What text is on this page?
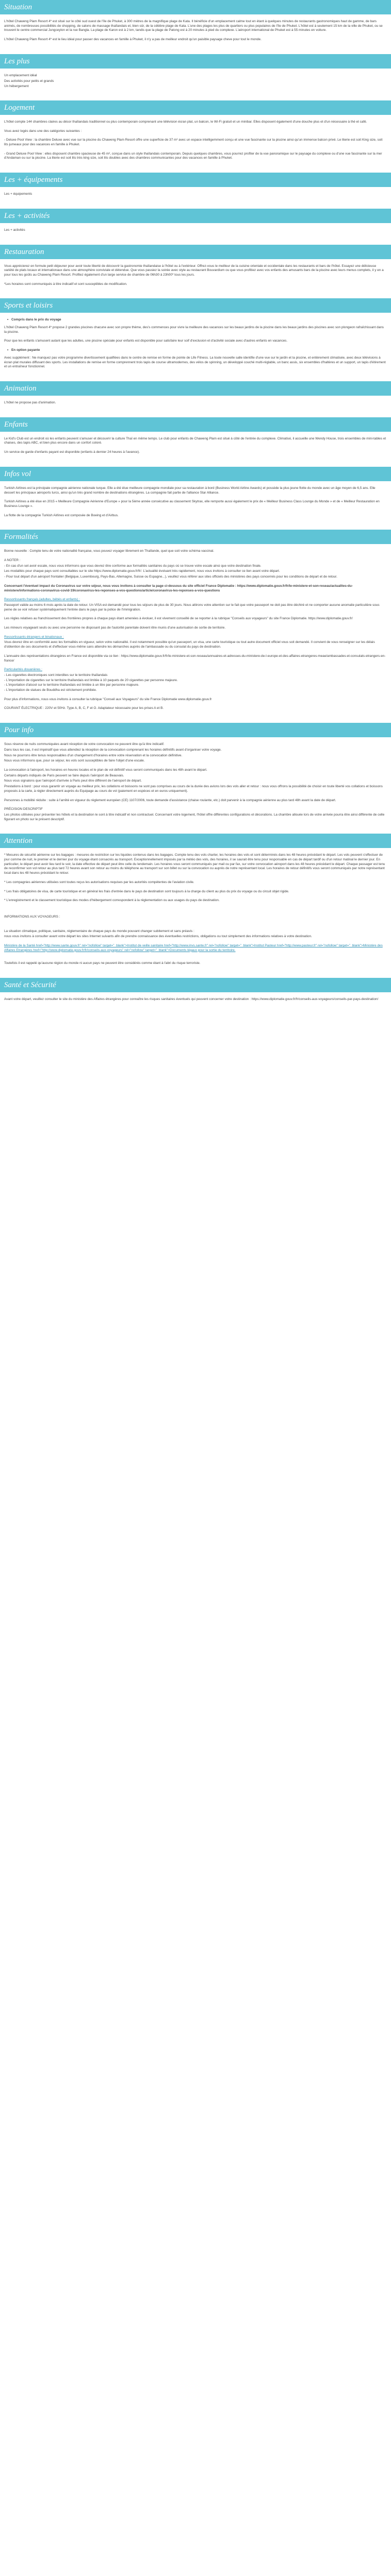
Situation

L'hôtel Chaweng Plam Resort 4* est situé sur le côté sud ouest de l'île de Phuket, à 300 mètres de la magnifique plage de Kata. Il bénéficie d'un emplacement calme tout en étant à quelques minutes de restaurants gastronomiques haut de gamme, de bars animés, de nombreuses possibilités de shopping, de salons de massage thaïlandais et, bien sûr, de la célèbre plage de Kata. L'une des plages les plus de quartiers ou plus populaires de l'île de Phuket. L'hôtel est à seulement 15 km de la ville de Phuket, ou se trouvent le centre commercial Jungceylon et la rue Bangla. La plage de Karon est à 2 km, tandis que la plage de Patong est à 20 minutes à pied du complexe. L'aéroport international de Phuket est à 55 minutes en voiture.

L'hôtel Chaweng Plam Resort 4* est le lieu idéal pour passer des vacances en famille à Phuket, il n'y a pas de meilleur endroit qu'un paisible paysage cheve pour tout le monde.

Les plus
Un emplacement idéal
Des activités pour petits et grands
Un hébergement
Logement

L'hôtel compte 144 chambres claires au décor thaïlandais traditionnel ou plus contemporain comprenant une télévision écran plat, un balcon, le Wi-Fi gratuit et un minibar. Elles disposent également d'une douche plus et d'un nécessaire à thé et café.

Vous avez logés dans une des catégories suivantes :

- Deluxe Pool View : la chambre Deluxe avec vue sur la piscine du Chaweng Plam Resort offre une superficie de 37 m² avec un espace intelligemment conçu et une vue fascinante sur la piscine ainsi qu'un immense balcon privé. Le literie est soit King size, soit lits jumeaux pour des vacances en famille à Phuket.

- Grand Deluxe Pool View : elles disposent chambre spacieuse de 45 m², conçue dans un style thaïlandais contemporain. Depuis quelques chambres, vous pourrez profiter de la vue panoramique sur le paysage du complexe ou d'une vue fascinante sur la mer d'Andaman ou sur la piscine. La literie est soit lits très king size, soit lits doubles avec des chambres communicantes pour des vacances en famille à Phuket.

Les + équipements

Les + équipements

Les + activités

Les + activités

Restauration

Vous apprécierez en formule petit déjeuner pour avoir toute liberté de découvrir la gastronomie thaïlandaise à l'hôtel ou à l'extérieur. Offrez-vous le meilleur de la cuisine orientale et occidentale dans les restaurants et bars de l'hôtel. Essayez une délicieuse variété de plats locaux et internationaux dans une atmosphère conviviale et détendue. Que vous passiez la soirée avec style au restaurant Bouvardium ou que vous profitiez avec vos enfants des amusants bars de la piscine avec leurs menus complets, il y en a pour tous les goûts au Chaweng Plam Resort. Profitez également d'un large service de chambre de 06h30 à 23h00* tous les jours.

*Les horaires sont communiqués à titre indicatif et sont susceptibles de modification.

Sports et loisirs
• Compris dans le prix du voyage

L'hôtel Chaweng Plam Resort 4* propose 2 grandes piscines chacune avec son propre thème, des's commences pour vivre la meilleure des vacances sur les beaux jardins de la piscine dans les beaux jardins des piscines avec son plongeon rafraîchissant dans la piscine.

Pour que les enfants s'amusent autant que les adultes, une piscine spéciale pour enfants est disponible pour satisfaire leur soif d'exclusion et d'activité sociale avec d'autres enfants en vacances.

• En option payante

Avec supplément : Ne manquez pas votre programme divertissement qualifiées dans le centre de remise en forme de pointe de Life Fitness. La toute nouvelle salle identifie d'une vue sur le jardin et la piscine, et entièrement climatisée, avec deux télévisions à écran plat murales diffusant des sports. Les installations de remise en forme comprennent trois tapis de course ultramodernes, des vélos de spinning, un développé couché multi-réglable, un banc assis, six ensembles d'haltères et un support, un tapis d'étirement et un entraîneur fonctionnel.

Animation

L'hôtel ne propose pas d'animation.

Enfants

Le Kid's Club est un endroit où les enfants peuvent s'amuser et découvrir la culture Thaï en même temps. Le club pour enfants de Chaweng Plam est situé à côté de l'entrée du complexe. Climatisé, il accueille une Wendy House, trois ensembles de mini-tables et chaises, des tapis ABC, et bien plus encore dans un confort coloré.

Un service de garde d'enfants payant est disponible (enfants à dernier 24 heures à l'avance).

Infos vol

Turkish Airlines est la principale compagnie aérienne nationale turque. Elle a été élue meilleure compagnie mondiale pour sa restauration à bord (Business World Airline Awards) et possède la plus jeune flotte du monde avec un âge moyen de 6,5 ans. Elle dessert les principaux aéroports turcs, ainsi qu'un très grand nombre de destinations étrangères. La compagnie fait partie de l'alliance Star Alliance.

Turkish Airlines a été élue en 2015 « Meilleure Compagnie Aérienne d'Europe » pour la 5ème année consécutive au classement Skytrax, elle remporte aussi également le prix de « Meilleur Business Class Lounge du Monde » et de « Meilleur Restauration en Business Lounge ».

La flotte de la compagnie Turkish Airlines est composée de Boeing et d'Airbus.

Formalités

Bonne nouvelle : Compte tenu de votre nationalité française, vous pouvez voyager librement en Thaïlande, quel que soit votre schéma vaccinal.

A NOTER :

- En cas d'un set avoir escale, nous vous informons que vous devrez être conforme aux formalités sanitaires du pays où se trouve votre escale ainsi que votre destination finale.

Les modalités pour chaque pays sont consultables sur le site https://www.diplomatie.gouv.fr/fr/. L'actualité évoluant très rapidement, nous vous invitons à consulter ce lien avant votre départ.

- Pour tout départ d'un aéroport frontalier (Belgique, Luxembourg, Pays-Bas, Allemagne, Suisse ou Espagne...), veuillez vous référer aux sites officiels des ministères des pays concernés pour les conditions de départ et de retour.

Concernant l'éventuel impact du Coronavirus sur votre séjour, nous vous invitons à consulter la page ci-dessous du site officiel France Diplomatie : https://www.diplomatie.gouv.fr/fr/le-ministere-et-son-reseau/actualites-du-ministere/informations-coronavirus-covid-19/coronavirus-les-reponses-a-vos-questions/article/coronavirus-les-reponses-a-vos-questions

Ressortissants français (adultes, bébés et enfants) :

Passeport valide au moins 6 mois après la date de retour. Un VISA est demandé pour tous les séjours de plus de 30 jours. Nous attirons votre attention sur le fait que votre passeport ne doit pas être déchiré et ne comporter aucune anomalie particulière sous peine de se voir refuser systématiquement l'entrée dans le pays par la police de l'immigration.

Les règles relatives au franchissement des frontières propres à chaque pays étant amenées à évoluer, il est vivement conseillé de se reporter à la rubrique "Conseils aux voyageurs" du site France Diplomatie. https://www.diplomatie.gouv.fr/

Les mineurs voyageant seuls ou avec une personne ne disposant pas de l'autorité parentale doivent être munis d'une autorisation de sortie de territoire.

Ressortissants étrangers et binationaux :

Vous devrez être en conformité avec les formalités en vigueur, selon votre nationalité. Il est notamment possible qu'un passeport, un visa, une carte touristique ou tout autre document officiel vous soit demandé. Il convient de vous renseigner sur les délais d'obtention de ces documents et d'effectuer vous-même sans attendre les démarches auprès de l'ambassade ou du consulat du pays de destination.

L'annuaire des représentations étrangères en France est disponible via ce lien : https://www.diplomatie.gouv.fr/fr/le-ministere-et-son-reseau/annuaires-et-adresses-du-ministere-de-l-europe-et-des-affaires-etrangeres-meae/ambassades-et-consulats-etrangers-en-france/

Particularités douanières :

- Les cigarettes électroniques sont interdites sur le territoire thaïlandais

- L'importation de cigarettes sur le territoire thaïlandais est limitée à 10 paquets de 20 cigarettes par personne majeure.

- L'importation d'alcool sur le territoire thaïlandais est limitée à un litre par personne majeure.

- L'importation de statues de Bouddha est strictement prohibée.

Pour plus d'informations, nous vous invitons à consulter la rubrique "Conseil aux Voyageurs" du site France Diplomatie www.diplomatie.gouv.fr

COURANT ÉLECTRIQUE : 220V et 50Hz. Type A, B, C, F et O. Adaptateur nécessaire pour les prises A et B.

Pour info

Sous réserve de nuits communiquées avant réception de votre convocation ne peuvent être qu'à titre indicatif.

Dans tous les cas, il est impératif que vous attendiez la réception de la convocation comprenant les horaires définitifs avant d'organiser votre voyage.

Nous ne pourrons être tenus responsables d'un changement d'horaires entre votre réservation et la convocation définitive.

Nous vous informons que, pour ce séjour, les vols sont susceptibles de faire l'objet d'une escale.

La convocation à l'aéroport, les horaires en heures locales et le plan de vol définitif vous seront communiqués dans les 48h avant le départ.

Certains départs indiqués de Paris peuvent se faire depuis l'aéroport de Beauvais.

Nous vous signalons que l'aéroport d'arrivée à Paris peut être différent de l'aéroport de départ.

Prestations à bord : pour vous garantir un voyage au meilleur prix, les collations et boissons ne sont pas comprises au cours de la durée des avions lors des vols aller et retour : nous vous offrons la possibilité de choisir en toute liberté vos collations et boissons proposés à la carte, à régler directement auprès du Equipage au cours de vol (paiement en espèces et en euros uniquement).

Personnes à mobilité réduite : suite à l'arrêté en vigueur du règlement européen (CE) 1107/2006, toute demande d'assistance (chaise roulante, etc.) doit parvenir à la compagnie aérienne au plus tard 48h avant la date de départ.

PRÉCISION DESCRIPTIF

Les photos utilisées pour présenter les hôtels et la destination le sont à titre indicatif et non contractuel. Concernant votre logement, l'hôtel offre différentes configurations et décorations. La chambre allouée lors de votre arrivée pourra être ainsi différente de celle figurant en photo sur le présent descriptif.

Attention

* Mesures de sécurité aérienne sur les bagages : mesures de restriction sur les liquides contenus dans les bagages. Compte tenu des vols charter, les horaires des vols et sont déterminés dans les 48 heures précédant le départ. Les vols peuvent s'effectuer de jour comme de nuit, le premier et le dernier jour du voyage étant consacrés au transport. Exceptionnellement imposés par la météo des vols, des horaires, il se saurait être tenu pour responsable en cas de départ tardif ou d'un retour matinal le dernier jour. En particulier, le départ peut avoir lieu tard le soir, la date effective de départ peut être celle du lendemain. Les horaires vous seront communiqués par mail ou par fax, sur votre convocation aéroport dans les 48 heures précédant le départ. Chaque passager est tenu de reconfirmer son vol retour au plus tard 72 heures avant son retour au moins du téléphone au transport sur son billet ou sur la convocation ou auprès de notre représentant local. Les horaires de retour définitifs vous seront communiqués par notre représentant local dans les 48 heures précédant le retour.

* Les compagnies aériennes utilisées sont toutes reçus les autorisations requises par les autorités compétentes de l'aviation civile.

* Les frais obligatoires de visa, de carte touristique et en général les frais d'entrée dans le pays de destination sont toujours à la charge du client au plus du prix du voyage ou du circuit objet rigide.

* L'enregistrement et le classement touristique des modes d'hébergement correspondent à la réglementation ou aux usages du pays de destination.

INFORMATIONS AUX VOYAGEURS :

La situation climatique, politique, sanitaire, réglementaire de chaque pays du monde pouvant changer subitement et sans préavis :

nous vous invitons à consulter avant votre départ les sites Internet suivants afin de prendre connaissance des éventuelles restrictions, obligations ou tout simplement des informations relatives à votre destination.

Ministère de la Santé href="http://www.sante.gouv.fr" rel="nofollow" target="_blank">Institut de veille sanitaire href="http://www.invs.sante.fr" rel="nofollow" target="_blank">Institut Pasteur href="http://www.pasteur.fr" rel="nofollow" target="_blank">Ministère des Affaires Etrangères href="http://www.diplomatie.gouv.fr/fr/conseils-aux-voyageurs" rel="nofollow" target="_blank">Documents légaux pour la sortie du territoire.

Toutefois il est rappelé qu'aucune région du monde ni aucun pays ne peuvent être considérés comme étant à l'abri du risque terroriste.

Santé et Sécurité

Avant votre départ, veuillez consulter le site du ministère des Affaires étrangères pour connaître les risques sanitaires éventuels qui peuvent concerner votre destination : https://www.diplomatie.gouv.fr/fr/conseils-aux-voyageurs/conseils-par-pays-destination/
